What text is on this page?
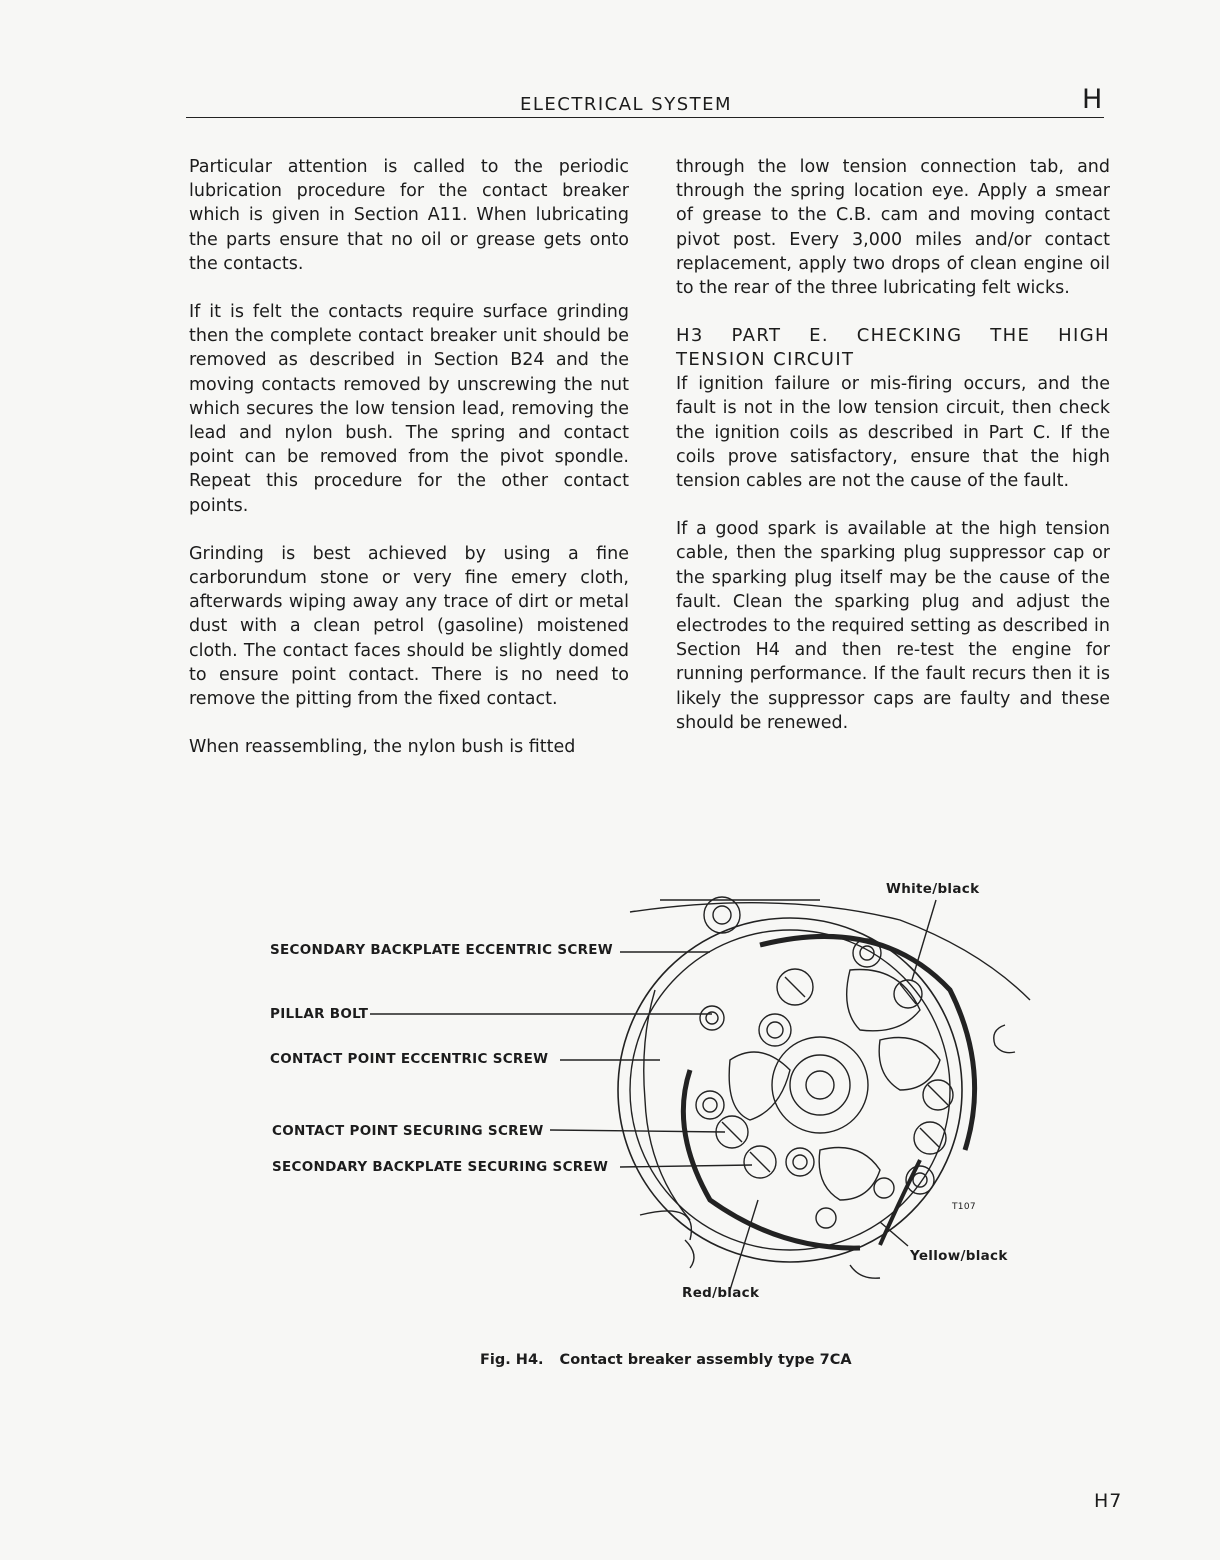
ELECTRICAL SYSTEM	H

Particular attention is called to the periodic lubrication procedure for the contact breaker which is given in Section A11. When lubricating the parts ensure that no oil or grease gets onto the contacts.

If it is felt the contacts require surface grinding then the complete contact breaker unit should be removed as described in Section B24 and the moving contacts removed by unscrewing the nut which secures the low tension lead, removing the lead and nylon bush. The spring and contact point can be removed from the pivot spondle. Repeat this procedure for the other contact points.

Grinding is best achieved by using a fine carborundum stone or very fine emery cloth, afterwards wiping away any trace of dirt or metal dust with a clean petrol (gasoline) moistened cloth. The contact faces should be slightly domed to ensure point contact. There is no need to remove the pitting from the fixed contact.

When reassembling, the nylon bush is fitted

through the low tension connection tab, and through the spring location eye. Apply a smear of grease to the C.B. cam and moving contact pivot post. Every 3,000 miles and/or contact replacement, apply two drops of clean engine oil to the rear of the three lubricating felt wicks.

H3 PART E. CHECKING THE HIGH
TENSION CIRCUIT

If ignition failure or mis-firing occurs, and the fault is not in the low tension circuit, then check the ignition coils as described in Part C. If the coils prove satisfactory, ensure that the high tension cables are not the cause of the fault.

If a good spark is available at the high tension cable, then the sparking plug suppressor cap or the sparking plug itself may be the cause of the fault. Clean the sparking plug and adjust the electrodes to the required setting as described in Section H4 and then re-test the engine for running performance. If the fault recurs then it is likely the suppressor caps are faulty and these should be renewed.

SECONDARY BACKPLATE ECCENTRIC SCREW
PILLAR BOLT
CONTACT POINT ECCENTRIC SCREW
CONTACT POINT SECURING SCREW
SECONDARY BACKPLATE SECURING SCREW
White/black
Yellow/black
Red/black
T107
Fig. H4. Contact breaker assembly type 7CA
H7
